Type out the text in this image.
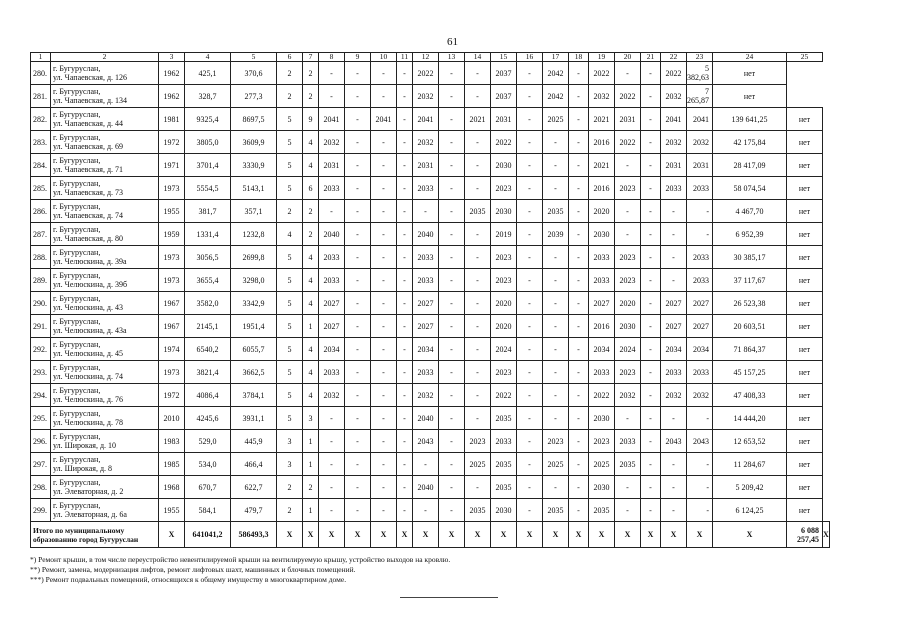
61
1	2	3	4	5	6	7	8	9	10	11	12	13	14	15	16	17	18	19	20	21	22	23	24	25	
280.	г. Бугуруслан,
ул. Чапаевская, д. 126	1962	425,1	370,6	2	2	-	-	-	-	2022	-	-	2037	-	2042	-	2022	-	-	2022	5 382,63	нет		
281.	г. Бугуруслан,
ул. Чапаевская, д. 134	1962	328,7	277,3	2	2	-	-	-	-	2032	-	-	2037	-	2042	-	2032	2022	-	2032	7 265,87	нет		
282.	г. Бугуруслан,
ул. Чапаевская, д. 44	1981	9325,4	8697,5	5	9	2041	-	2041	-	2041	-	2021	2031	-	2025	-	2021	2031	-	2041	2041	139 641,25	нет	
283.	г. Бугуруслан,
ул. Чапаевская, д. 69	1972	3805,0	3609,9	5	4	2032	-	-	-	2032	-	-	2022	-	-	-	2016	2022	-	2032	2032	42 175,84	нет	
284.	г. Бугуруслан,
ул. Чапаевская, д. 71	1971	3701,4	3330,9	5	4	2031	-	-	-	2031	-	-	2030	-	-	-	2021	-	-	2031	2031	28 417,09	нет	
285.	г. Бугуруслан,
ул. Чапаевская, д. 73	1973	5554,5	5143,1	5	6	2033	-	-	-	2033	-	-	2023	-	-	-	2016	2023	-	2033	2033	58 074,54	нет	
286.	г. Бугуруслан,
ул. Чапаевская, д. 74	1955	381,7	357,1	2	2	-	-	-	-	-	-	2035	2030	-	2035	-	2020	-	-	-	-	4 467,70	нет	
287.	г. Бугуруслан,
ул. Чапаевская, д. 80	1959	1331,4	1232,8	4	2	2040	-	-	-	2040	-	-	2019	-	2039	-	2030	-	-	-	-	6 952,39	нет	
288.	г. Бугуруслан,
ул. Челюскина, д. 39а	1973	3056,5	2699,8	5	4	2033	-	-	-	2033	-	-	2023	-	-	-	2033	2023	-	-	2033	30 385,17	нет	
289.	г. Бугуруслан,
ул. Челюскина, д. 39б	1973	3655,4	3298,0	5	4	2033	-	-	-	2033	-	-	2023	-	-	-	2033	2023	-	-	2033	37 117,67	нет	
290.	г. Бугуруслан,
ул. Челюскина, д. 43	1967	3582,0	3342,9	5	4	2027	-	-	-	2027	-	-	2020	-	-	-	2027	2020	-	2027	2027	26 523,38	нет	
291.	г. Бугуруслан,
ул. Челюскина, д. 43а	1967	2145,1	1951,4	5	1	2027	-	-	-	2027	-	-	2020	-	-	-	2016	2030	-	2027	2027	20 603,51	нет	
292.	г. Бугуруслан,
ул. Челюскина, д. 45	1974	6540,2	6055,7	5	4	2034	-	-	-	2034	-	-	2024	-	-	-	2034	2024	-	2034	2034	71 864,37	нет	
293.	г. Бугуруслан,
ул. Челюскина, д. 74	1973	3821,4	3662,5	5	4	2033	-	-	-	2033	-	-	2023	-	-	-	2033	2023	-	2033	2033	45 157,25	нет	
294.	г. Бугуруслан,
ул. Челюскина, д. 76	1972	4086,4	3784,1	5	4	2032	-	-	-	2032	-	-	2022	-	-	-	2022	2032	-	2032	2032	47 408,33	нет	
295.	г. Бугуруслан,
ул. Челюскина, д. 78	2010	4245,6	3931,1	5	3	-	-	-	-	2040	-	-	2035	-	-	-	2030	-	-	-	-	14 444,20	нет	
296.	г. Бугуруслан,
ул. Широкая, д. 10	1983	529,0	445,9	3	1	-	-	-	-	2043	-	2023	2033	-	2023	-	2023	2033	-	2043	2043	12 653,52	нет	
297.	г. Бугуруслан,
ул. Широкая, д. 8	1985	534,0	466,4	3	1	-	-	-	-	-	-	2025	2035	-	2025	-	2025	2035	-	-	-	11 284,67	нет	
298.	г. Бугуруслан,
ул. Элеваторная, д. 2	1968	670,7	622,7	2	2	-	-	-	-	2040	-	-	2035	-	-	-	2030	-	-	-	-	5 209,42	нет	
299.	г. Бугуруслан,
ул. Элеваторная, д. 6а	1955	584,1	479,7	2	1	-	-	-	-	-	-	2035	2030	-	2035	-	2035	-	-	-	-	6 124,25	нет	
Итого по муниципальному образованию город Бугуруслан		X	641041,2	586493,3	X	X	X	X	X	X	X	X	X	X	X	X	X	X	X	X	X	X	X	6 088 257,45	X

*) Ремонт крыши, в том числе переустройство невентилируемой крыши на вентилируемую крышу, устройство выходов на кровлю.

**) Ремонт, замена, модернизация лифтов, ремонт лифтовых шахт, машинных и блочных помещений.

***) Ремонт подвальных помещений, относящихся к общему имуществу в многоквартирном доме.
